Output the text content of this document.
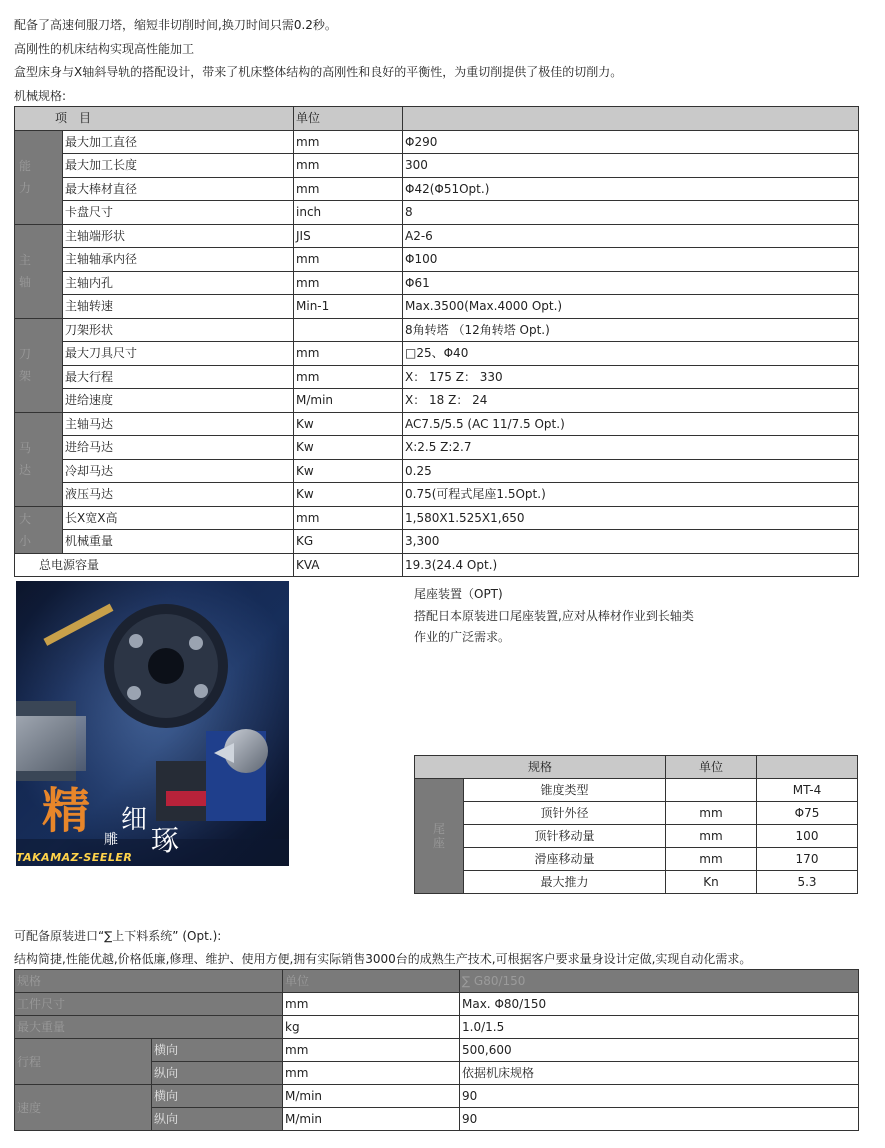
配备了高速伺服刀塔，缩短非切削时间,换刀时间只需0.2秒。

高刚性的机床结构实现高性能加工

盒型床身与X轴斜导轨的搭配设计，带来了机床整体结构的高刚性和良好的平衡性，为重切削提供了极佳的切削力。

机械规格:

项　目		单位	

能
力	最大加工直径	mm	Φ290
	最大加工长度	mm	300
	最大棒材直径	mm	Φ42(Φ51Opt.)
	卡盘尺寸	inch	8

主
轴	主轴端形状	JIS	A2-6
	主轴轴承内径	mm	Φ100
	主轴内孔	mm	Φ61
	主轴转速	Min-1	Max.3500(Max.4000 Opt.)

刀
架	刀架形状		8角转塔 （12角转塔 Opt.)
	最大刀具尺寸	mm	□25、Φ40
	最大行程	mm	X： 175 Z： 330
	进给速度	M/min	X： 18 Z： 24

马
达	主轴马达	Kw	AC7.5/5.5 (AC 11/7.5 Opt.)
	进给马达	Kw	X:2.5 Z:2.7
	冷却马达	Kw	0.25
	液压马达	Kw	0.75(可程式尾座1.5Opt.)

大
小	长X宽X高	mm	1,580X1.525X1,650
	机械重量	KG	3,300
总电源容量		KVA	19.3(24.4 Opt.)
精 细
雕 琢
TAKAMAZ-SEELER

尾座装置（OPT)

搭配日本原装进口尾座装置,应对从棒材作业到长轴类

作业的广泛需求。

规格		单位	

尾
座	锥度类型		MT-4
	顶针外径	mm	Φ75
	顶针移动量	mm	100
	滑座移动量	mm	170
	最大推力	Kn	5.3

可配备原装进口“∑上下料系统” (Opt.):

结构简捷,性能优越,价格低廉,修理、维护、使用方便,拥有实际销售3000台的成熟生产技术,可根据客户要求量身设计定做,实现自动化需求。

规格		单位	∑ G80/150
工件尺寸		mm	Max. Φ80/150
最大重量		kg	1.0/1.5
行程	横向	mm	500,600
	纵向	mm	依据机床规格
速度	横向	M/min	90
	纵向	M/min	90
